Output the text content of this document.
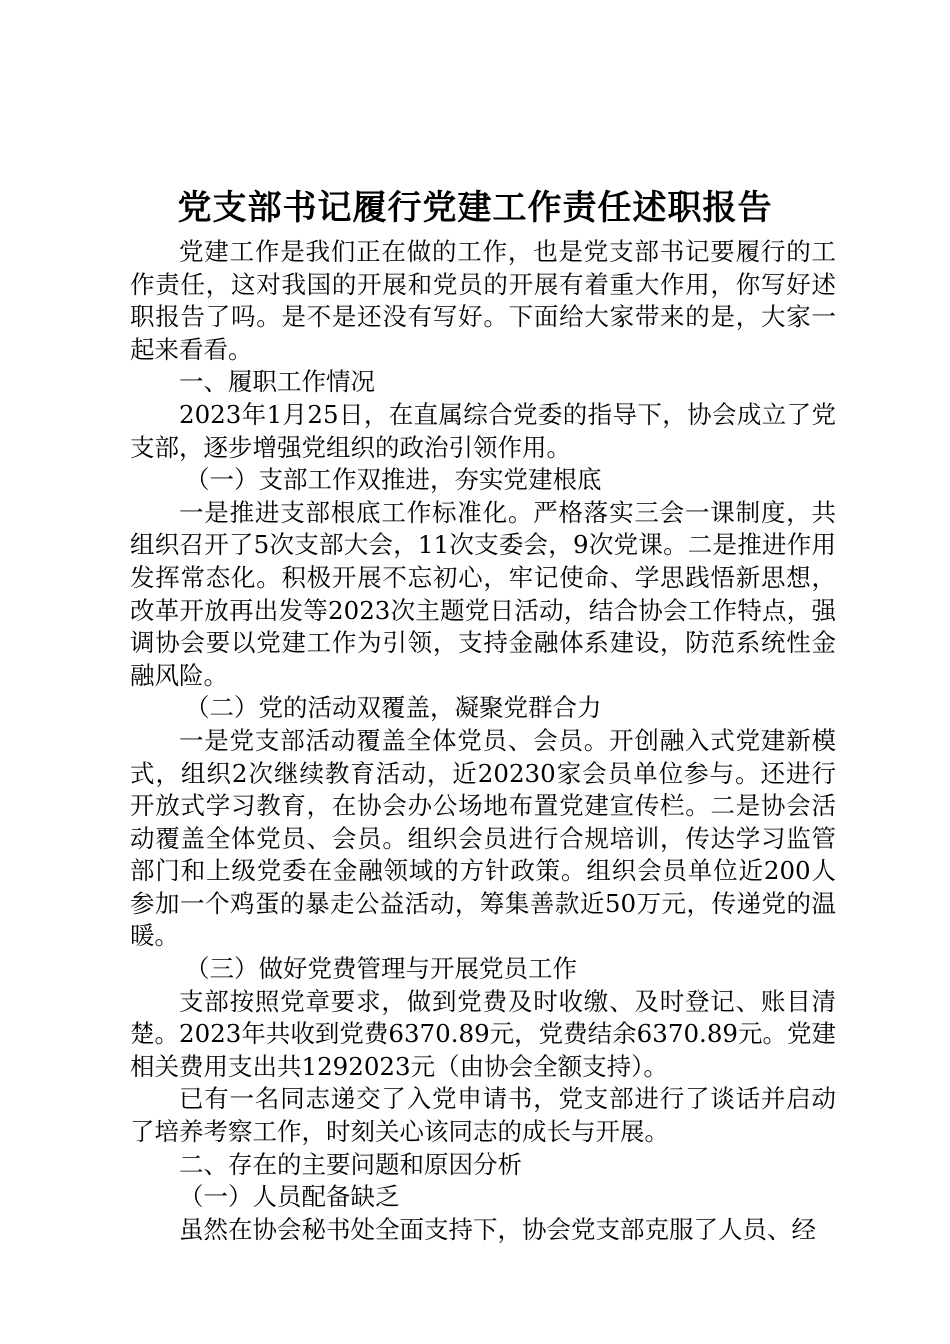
党支部书记履行党建工作责任述职报告

党建工作是我们正在做的工作，也是党支部书记要履行的工作责任，这对我国的开展和党员的开展有着重大作用，你写好述职报告了吗。是不是还没有写好。下面给大家带来的是，大家一起来看看。

一、履职工作情况

2023年1月25日，在直属综合党委的指导下，协会成立了党支部，逐步增强党组织的政治引领作用。

（一）支部工作双推进，夯实党建根底

一是推进支部根底工作标准化。严格落实三会一课制度，共组织召开了5次支部大会，11次支委会，9次党课。二是推进作用发挥常态化。积极开展不忘初心，牢记使命、学思践悟新思想，改革开放再出发等2023次主题党日活动，结合协会工作特点，强调协会要以党建工作为引领，支持金融体系建设，防范系统性金融风险。

（二）党的活动双覆盖，凝聚党群合力

一是党支部活动覆盖全体党员、会员。开创融入式党建新模式，组织2次继续教育活动，近20230家会员单位参与。还进行开放式学习教育，在协会办公场地布置党建宣传栏。二是协会活动覆盖全体党员、会员。组织会员进行合规培训，传达学习监管部门和上级党委在金融领域的方针政策。组织会员单位近200人参加一个鸡蛋的暴走公益活动，筹集善款近50万元，传递党的温暖。

（三）做好党费管理与开展党员工作

支部按照党章要求，做到党费及时收缴、及时登记、账目清楚。2023年共收到党费6370.89元，党费结余6370.89元。党建相关费用支出共1292023元（由协会全额支持）。

已有一名同志递交了入党申请书，党支部进行了谈话并启动了培养考察工作，时刻关心该同志的成长与开展。

二、存在的主要问题和原因分析

（一）人员配备缺乏

虽然在协会秘书处全面支持下，协会党支部克服了人员、经
